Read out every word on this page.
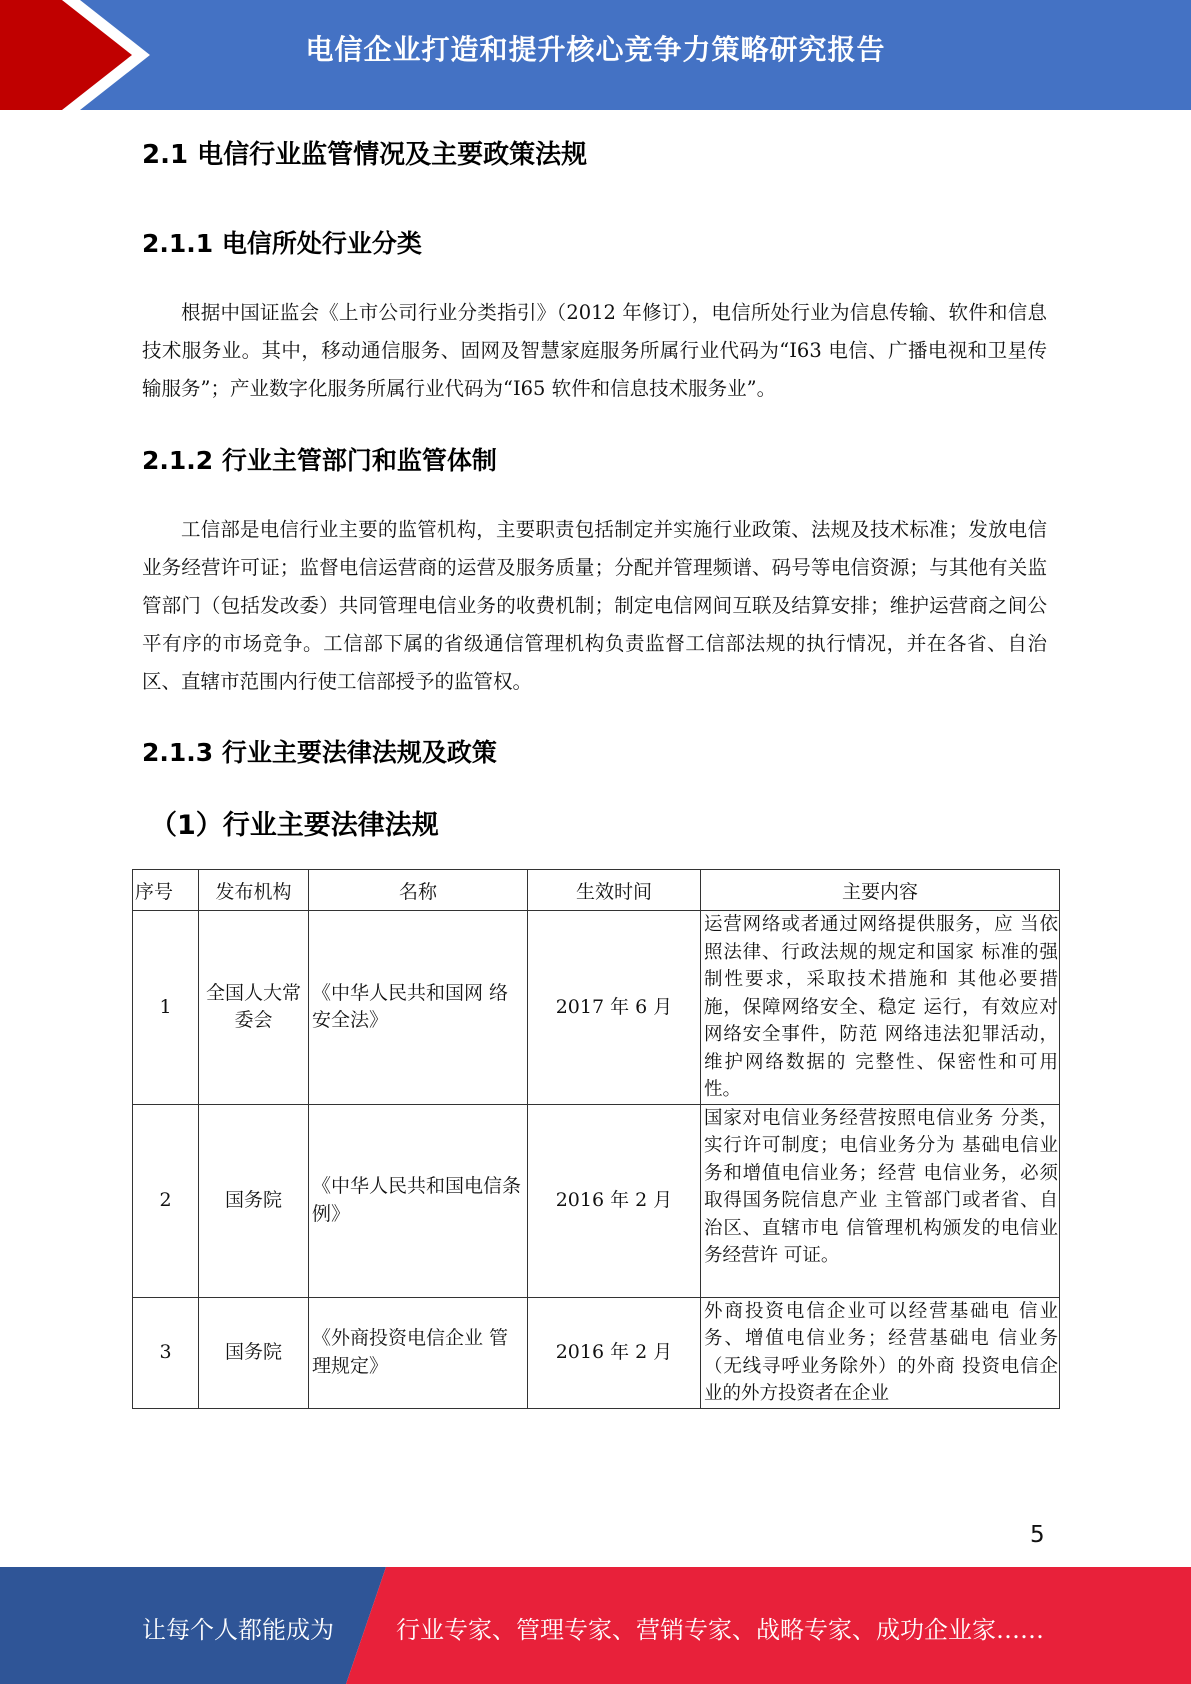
电信企业打造和提升核心竞争力策略研究报告
2.1 电信行业监管情况及主要政策法规
2.1.1 电信所处行业分类

根据中国证监会《上市公司行业分类指引》（2012 年修订），电信所处行业为信息传输、软件和信息技术服务业。其中，移动通信服务、固网及智慧家庭服务所属行业代码为“I63 电信、广播电视和卫星传输服务”；产业数字化服务所属行业代码为“I65 软件和信息技术服务业”。

2.1.2 行业主管部门和监管体制

工信部是电信行业主要的监管机构，主要职责包括制定并实施行业政策、法规及技术标准；发放电信业务经营许可证；监督电信运营商的运营及服务质量；分配并管理频谱、码号等电信资源；与其他有关监管部门（包括发改委）共同管理电信业务的收费机制；制定电信网间互联及结算安排；维护运营商之间公平有序的市场竞争。工信部下属的省级通信管理机构负责监督工信部法规的执行情况，并在各省、自治区、直辖市范围内行使工信部授予的监管权。

2.1.3 行业主要法律法规及政策
（1）行业主要法律法规
序号	发布机构	名称	生效时间	主要内容
1	全国人大常委会	《中华人民共和国网 络安全法》	2017 年 6 月	运营网络或者通过网络提供服务，应 当依照法律、行政法规的规定和国家 标准的强制性要求，采取技术措施和 其他必要措施，保障网络安全、稳定 运行，有效应对网络安全事件，防范 网络违法犯罪活动，维护网络数据的 完整性、保密性和可用性。
2	国务院	《中华人民共和国电信条例》	2016 年 2 月	国家对电信业务经营按照电信业务 分类，实行许可制度；电信业务分为 基础电信业务和增值电信业务；经营 电信业务，必须取得国务院信息产业 主管部门或者省、自治区、直辖市电 信管理机构颁发的电信业务经营许 可证。
3	国务院	《外商投资电信企业 管理规定》	2016 年 2 月	外商投资电信企业可以经营基础电 信业务、增值电信业务；经营基础电 信业务（无线寻呼业务除外）的外商 投资电信企业的外方投资者在企业
5
让每个人都能成为	行业专家、管理专家、营销专家、战略专家、成功企业家……
